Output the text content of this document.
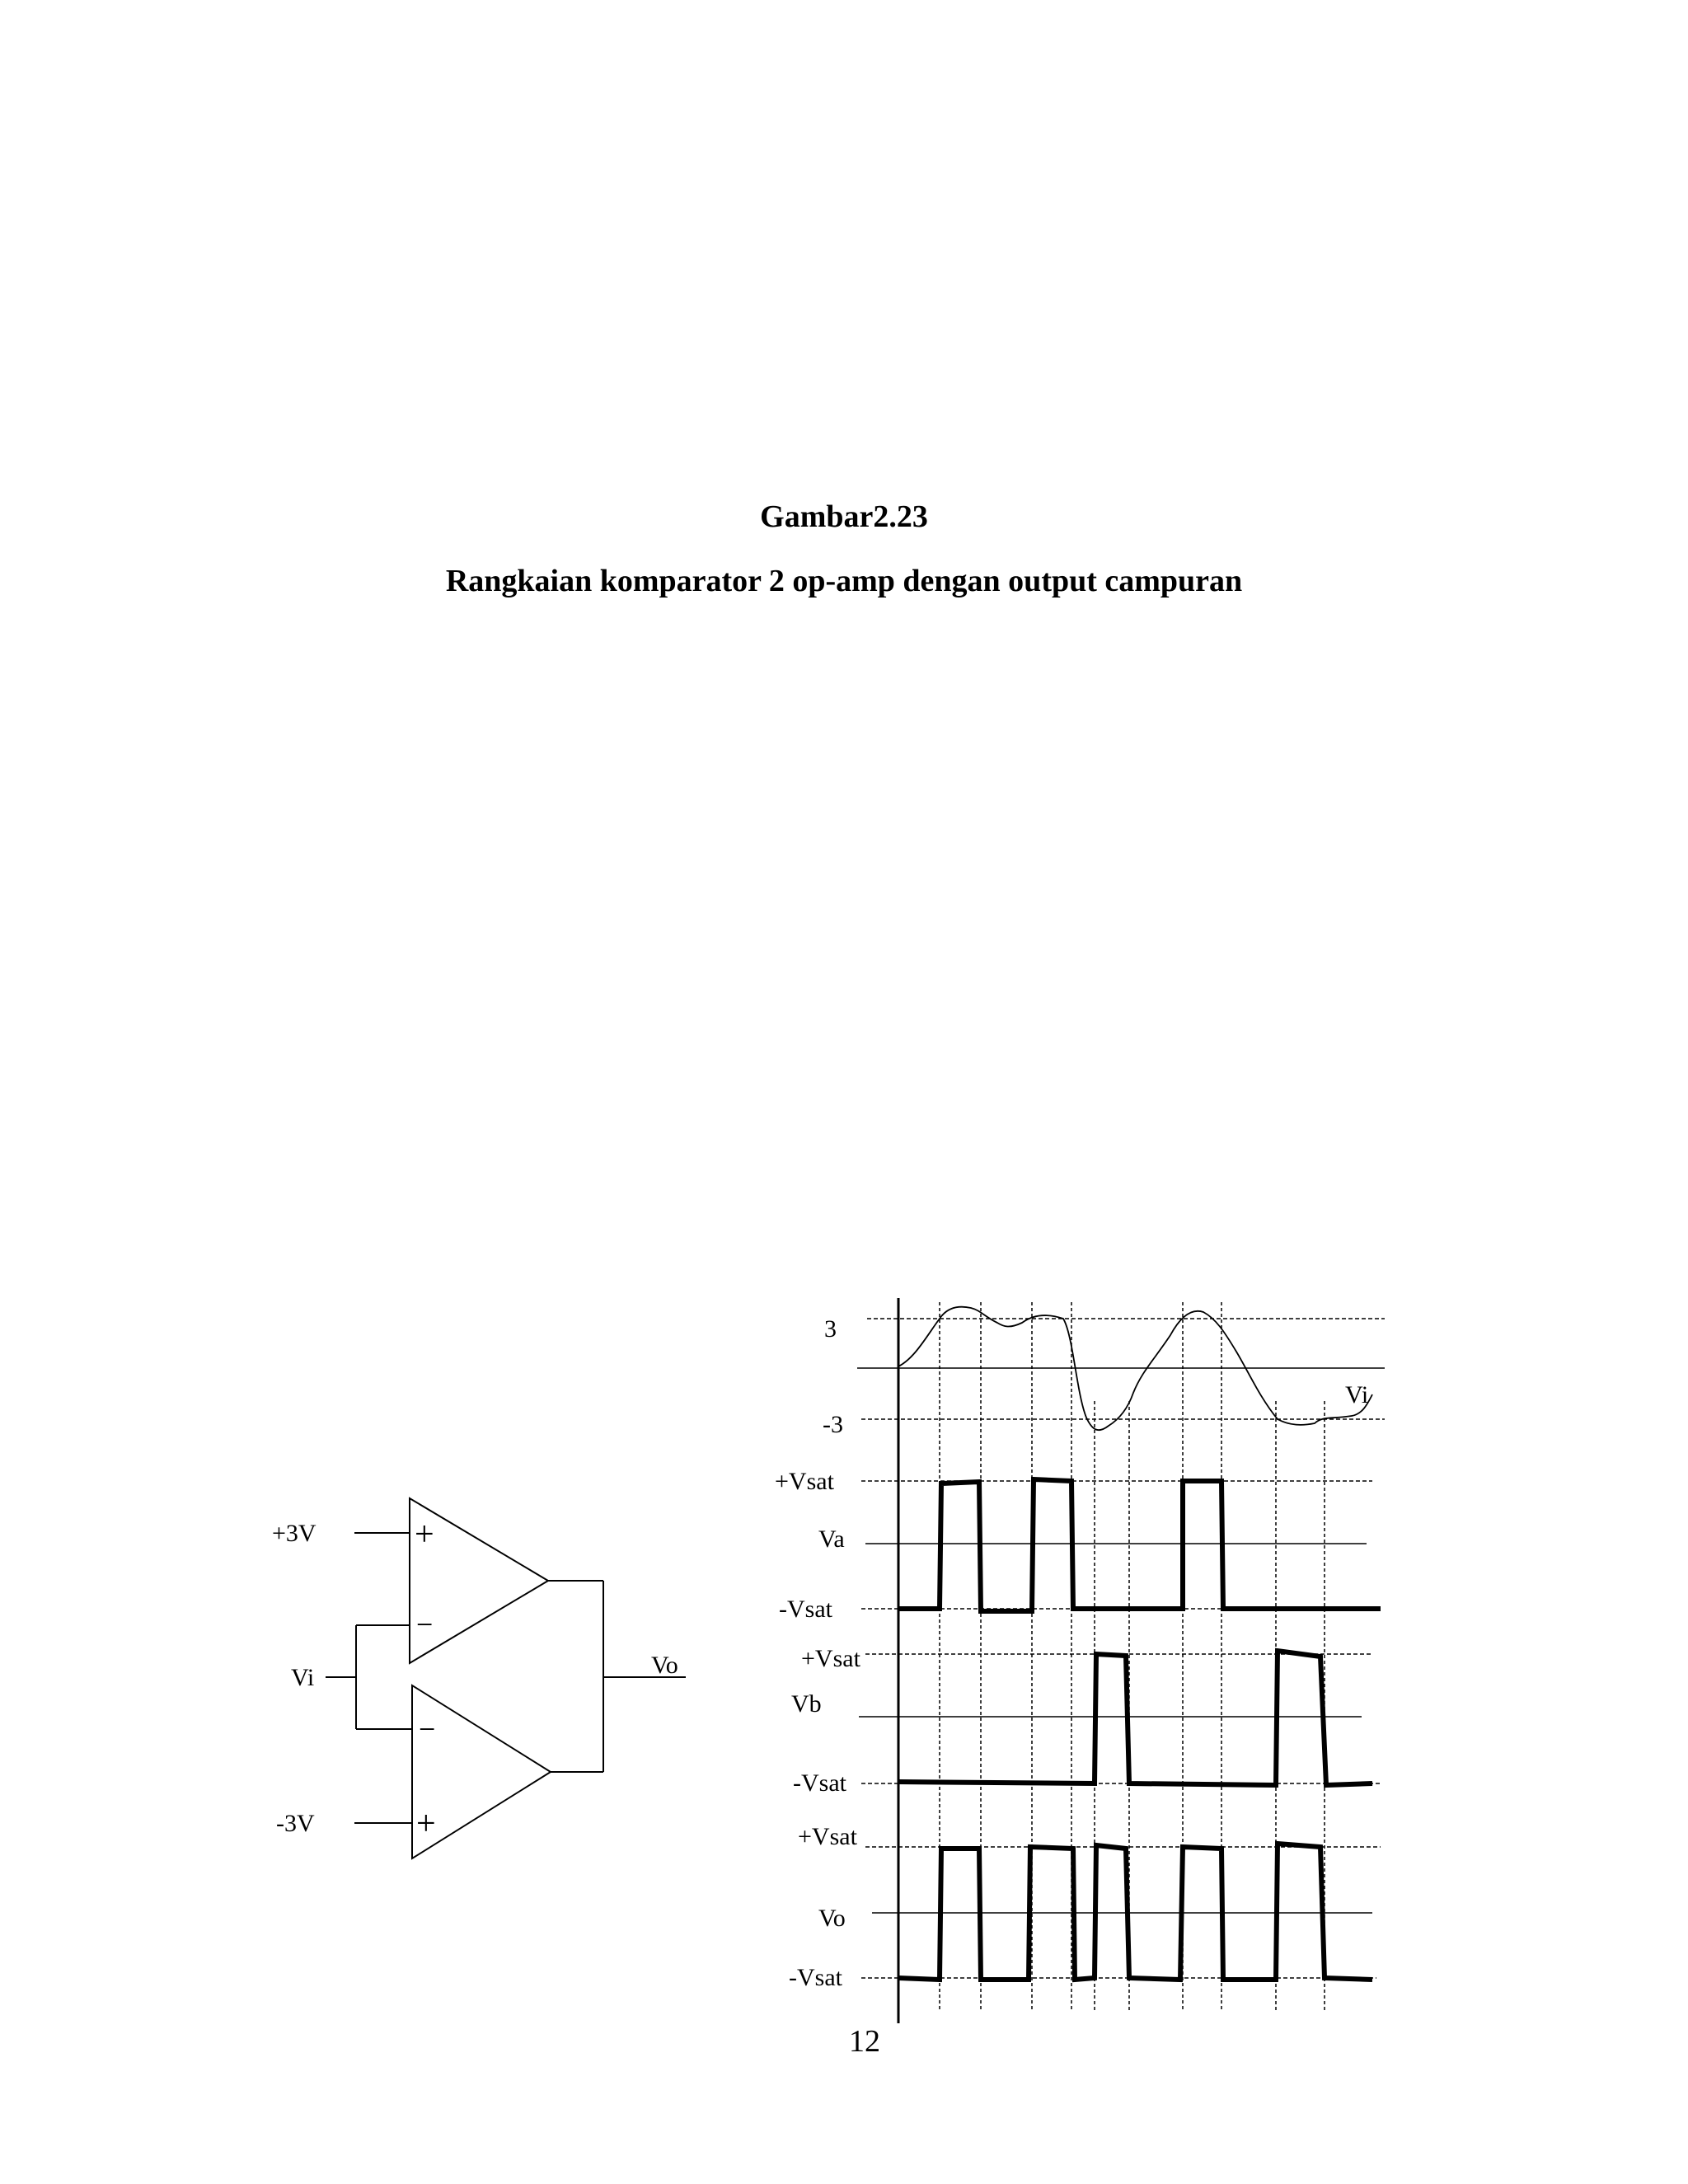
Gambar2.23
Rangkaian komparator 2 op-amp dengan output campuran
+3V
Vi
-3V
Vo
+
−
−
+
3
-3
Vi
+Vsat
Va
-Vsat
+Vsat
Vb
-Vsat
+Vsat
Vo
-Vsat
12
